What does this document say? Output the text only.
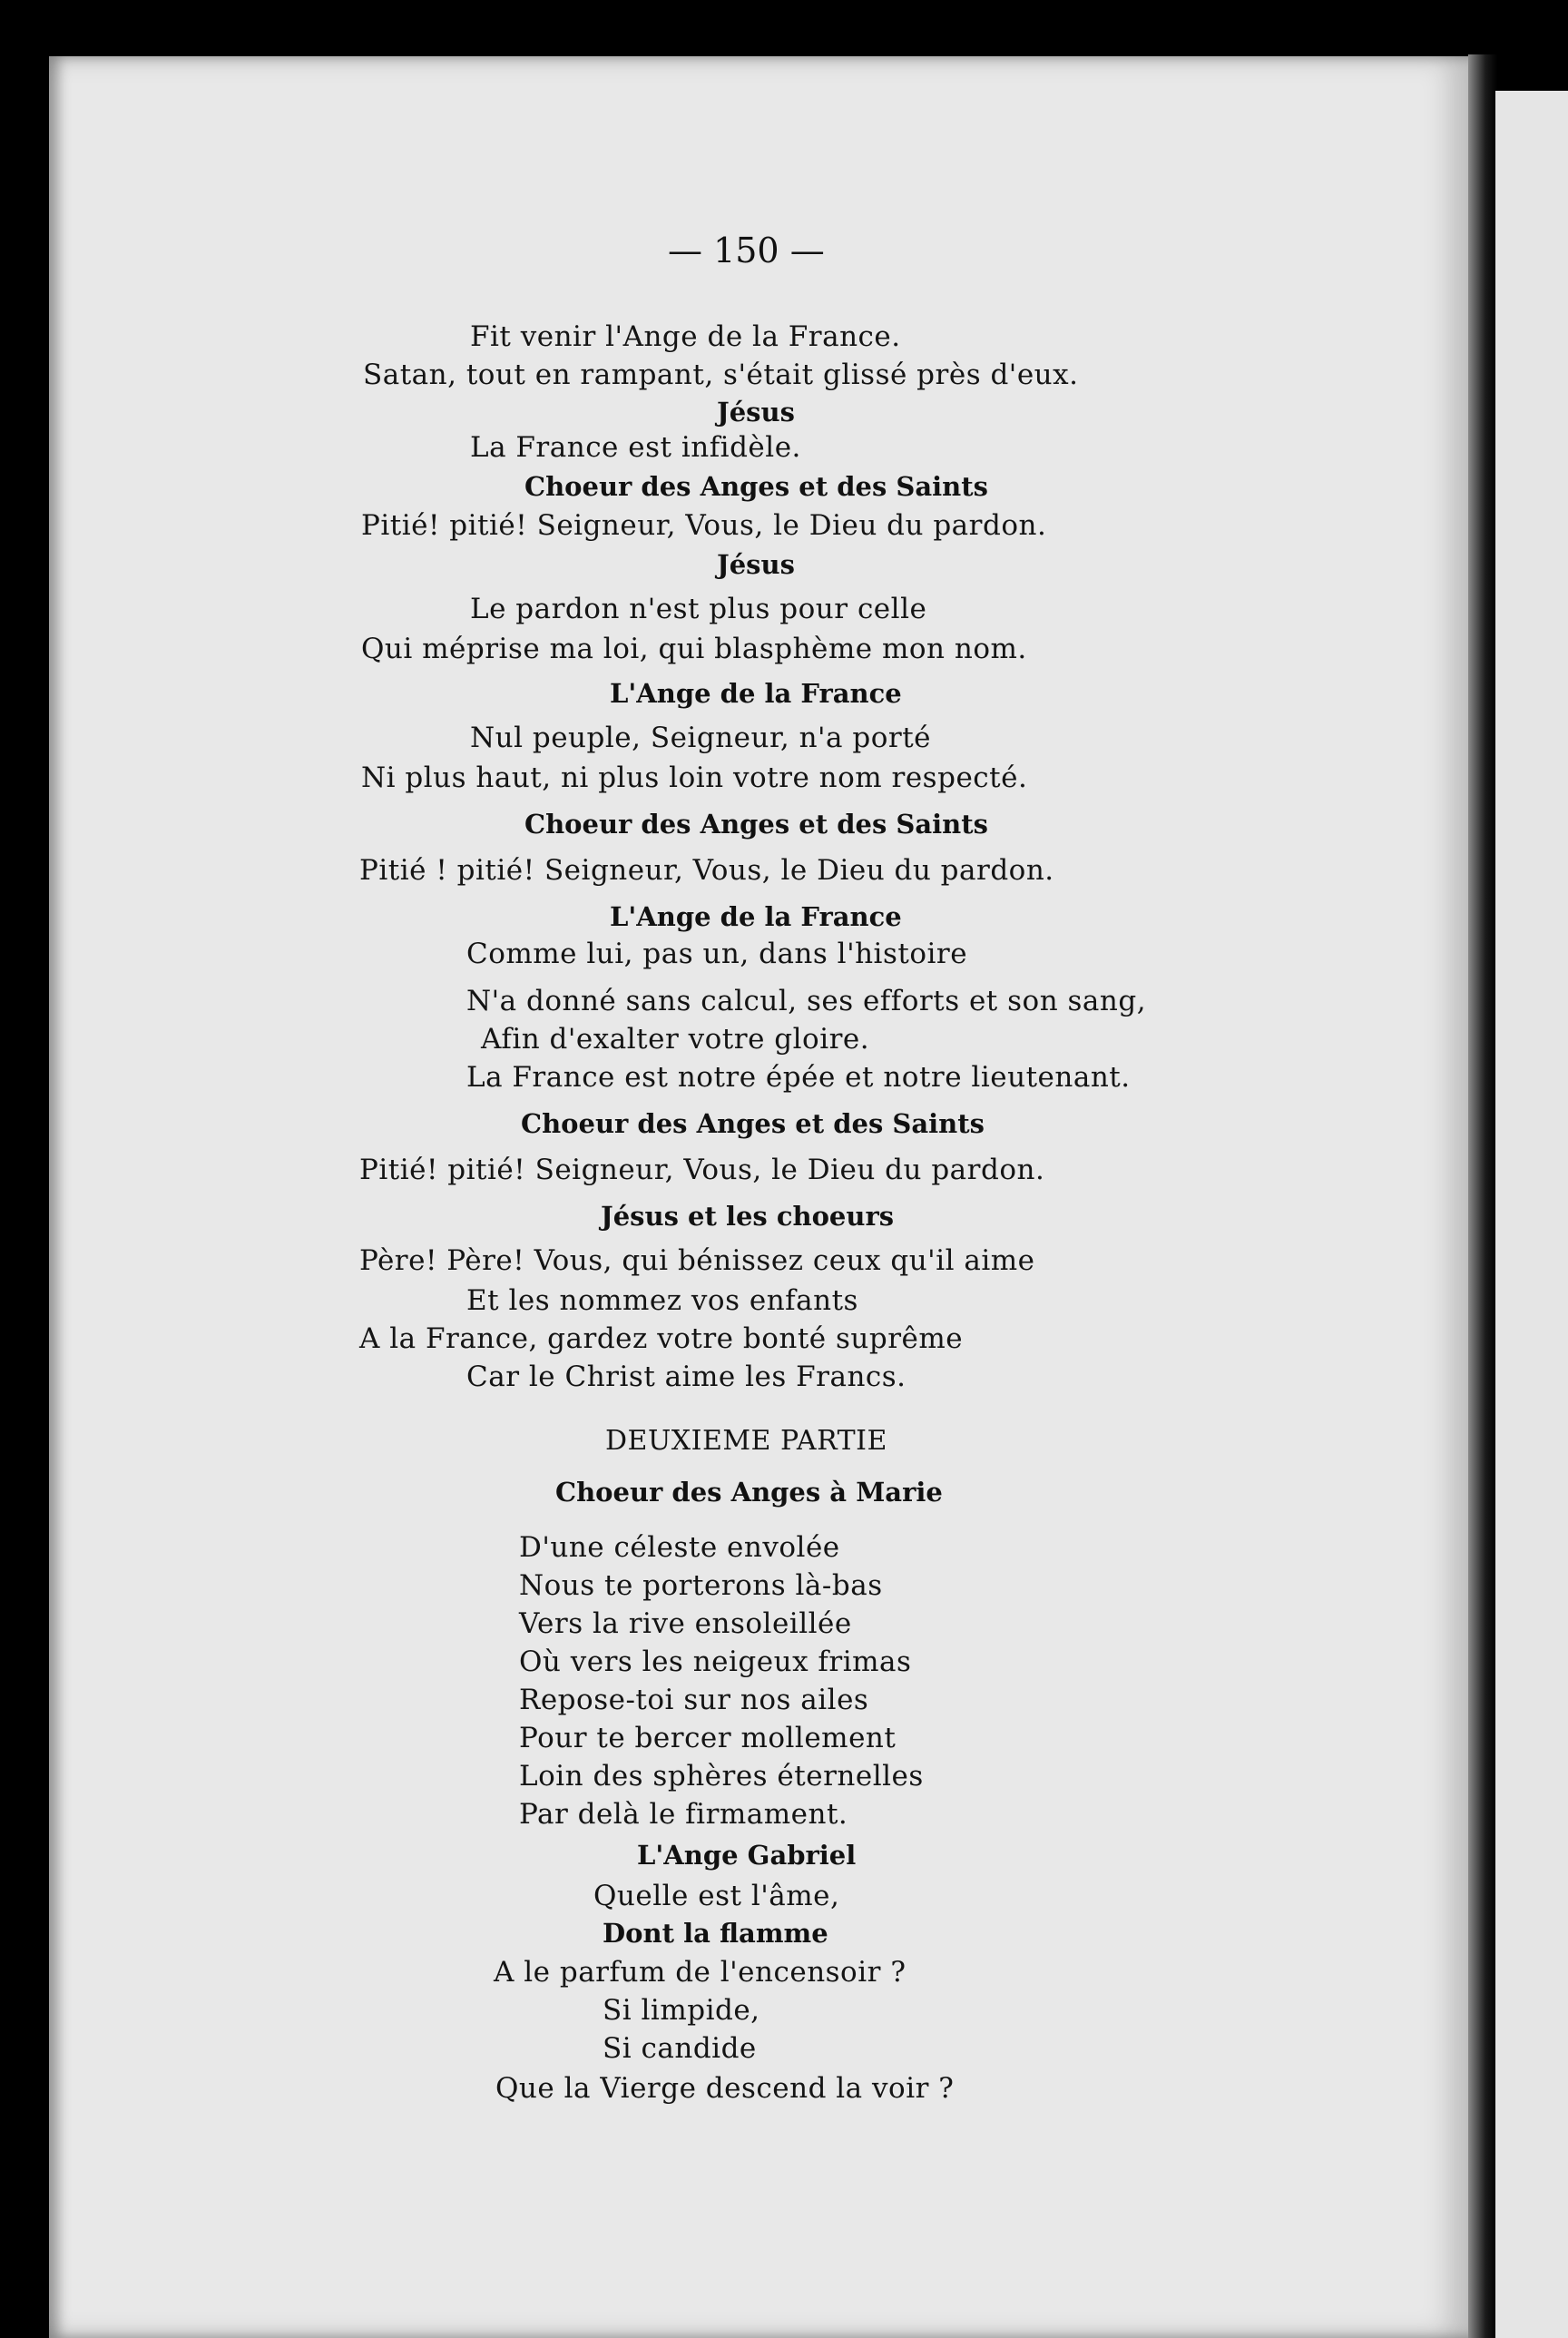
— 150 —
Fit venir l'Ange de la France.
Satan, tout en rampant, s'était glissé près d'eux.
Jésus
La France est infidèle.
Choeur des Anges et des Saints
Pitié! pitié! Seigneur, Vous, le Dieu du pardon.
Jésus
Le pardon n'est plus pour celle
Qui méprise ma loi, qui blasphème mon nom.
L'Ange de la France
Nul peuple, Seigneur, n'a porté
Ni plus haut, ni plus loin votre nom respecté.
Choeur des Anges et des Saints
Pitié ! pitié! Seigneur, Vous, le Dieu du pardon.
L'Ange de la France
Comme lui, pas un, dans l'histoire
N'a donné sans calcul, ses efforts et son sang,
Afin d'exalter votre gloire.
La France est notre épée et notre lieutenant.
Choeur des Anges et des Saints
Pitié! pitié! Seigneur, Vous, le Dieu du pardon.
Jésus et les choeurs
Père! Père! Vous, qui bénissez ceux qu'il aime
Et les nommez vos enfants
A la France, gardez votre bonté suprême
Car le Christ aime les Francs.
DEUXIEME PARTIE
Choeur des Anges à Marie
D'une céleste envolée
Nous te porterons là-bas
Vers la rive ensoleillée
Où vers les neigeux frimas
Repose-toi sur nos ailes
Pour te bercer mollement
Loin des sphères éternelles
Par delà le firmament.
L'Ange Gabriel
Quelle est l'âme,
Dont la flamme
A le parfum de l'encensoir ?
Si limpide,
Si candide
Que la Vierge descend la voir ?
